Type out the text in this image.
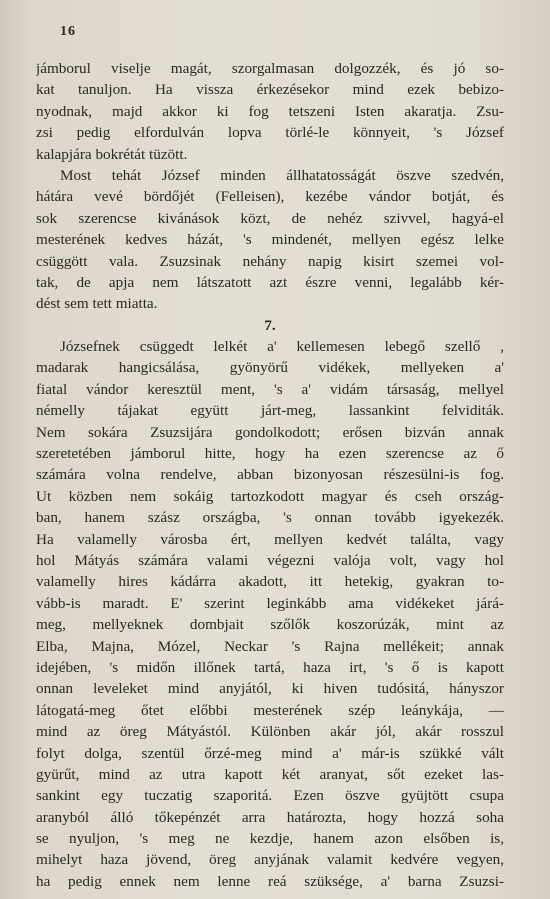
16
jámborul viselje magát, szorgalmasan dolgozzék, és jó so-
kat tanuljon. Ha vissza érkezésekor mind ezek bebizo-
nyodnak, majd akkor ki fog tetszeni Isten akaratja. Zsu-
zsi pedig elfordulván lopva törlé-le könnyeit, 's József
kalapjára bokrétát tüzött.
Most tehát József minden állhatatosságát öszve szedvén,
hátára vevé bördőjét (Felleisen), kezébe vándor botját, és
sok szerencse kivánások közt, de nehéz szivvel, hagyá-el
mesterének kedves házát, 's mindenét, mellyen egész lelke
csüggött vala. Zsuzsinak nehány napig kisirt szemei vol-
tak, de apja nem látszatott azt észre venni, legalább kér-
dést sem tett miatta.
7.
Józsefnek csüggedt lelkét a' kellemesen lebegő szellő ,
madarak hangicsálása, gyönyörű vidékek, mellyeken a'
fiatal vándor keresztül ment, 's a' vidám társaság, mellyel
némelly tájakat együtt járt-meg, lassankint felviditák.
Nem sokára Zsuzsijára gondolkodott; erősen bizván annak
szeretetében jámborul hitte, hogy ha ezen szerencse az ő
számára volna rendelve, abban bizonyosan részesülni-is fog.
Ut közben nem sokáig tartozkodott magyar és cseh ország-
ban, hanem szász országba, 's onnan tovább igyekezék.
Ha valamelly városba ért, mellyen kedvét találta, vagy
hol Mátyás számára valami végezni valója volt, vagy hol
valamelly hires kádárra akadott, itt hetekig, gyakran to-
vább-is maradt. E' szerint leginkább ama vidékeket járá-
meg, mellyeknek dombjait szőlők koszorúzák, mint az
Elba, Majna, Mózel, Neckar 's Rajna mellékeit; annak
idejében, 's midőn illőnek tartá, haza irt, 's ő is kapott
onnan leveleket mind anyjától, ki hiven tudósitá, hányszor
látogatá-meg őtet előbbi mesterének szép leánykája, —
mind az öreg Mátyástól. Különben akár jól, akár rosszul
folyt dolga, szentül őrzé-meg mind a' már-is szükké vált
gyürűt, mind az utra kapott két aranyat, sőt ezeket las-
sankint egy tuczatig szaporitá. Ezen öszve gyüjtött csupa
aranyból álló tőkepénzét arra határozta, hogy hozzá soha
se nyuljon, 's meg ne kezdje, hanem azon elsőben is,
mihelyt haza jövend, öreg anyjának valamit kedvére vegyen,
ha pedig ennek nem lenne reá szüksége, a' barna Zsuzsi-
